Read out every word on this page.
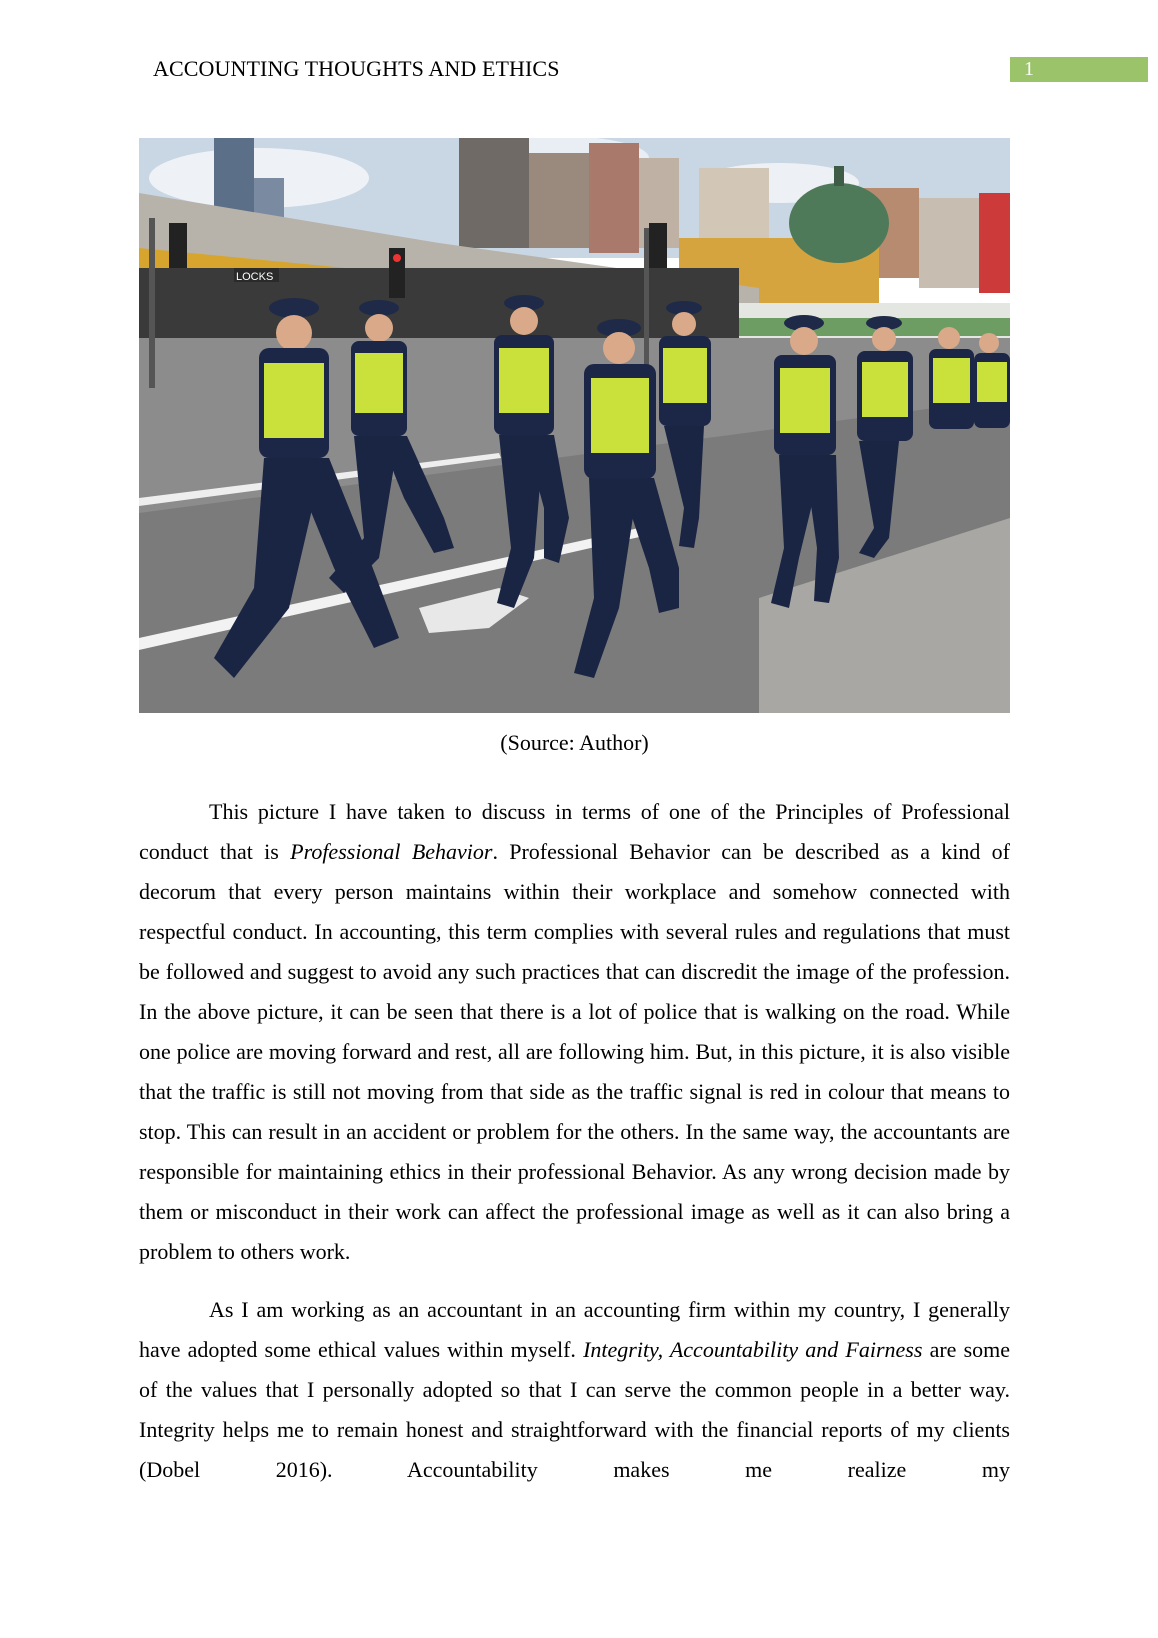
ACCOUNTING THOUGHTS AND ETHICS	1
LOCKS
(Source: Author)

This picture I have taken to discuss in terms of one of the Principles of Professional conduct that is Professional Behavior. Professional Behavior can be described as a kind of decorum that every person maintains within their workplace and somehow connected with respectful conduct. In accounting, this term complies with several rules and regulations that must be followed and suggest to avoid any such practices that can discredit the image of the profession. In the above picture, it can be seen that there is a lot of police that is walking on the road. While one police are moving forward and rest, all are following him. But, in this picture, it is also visible that the traffic is still not moving from that side as the traffic signal is red in colour that means to stop. This can result in an accident or problem for the others. In the same way, the accountants are responsible for maintaining ethics in their professional Behavior. As any wrong decision made by them or misconduct in their work can affect the professional image as well as it can also bring a problem to others work.

As I am working as an accountant in an accounting firm within my country, I generally have adopted some ethical values within myself. Integrity, Accountability and Fairness are some of the values that I personally adopted so that I can serve the common people in a better way. Integrity helps me to remain honest and straightforward with the financial reports of my clients (Dobel 2016). Accountability makes me realize my
